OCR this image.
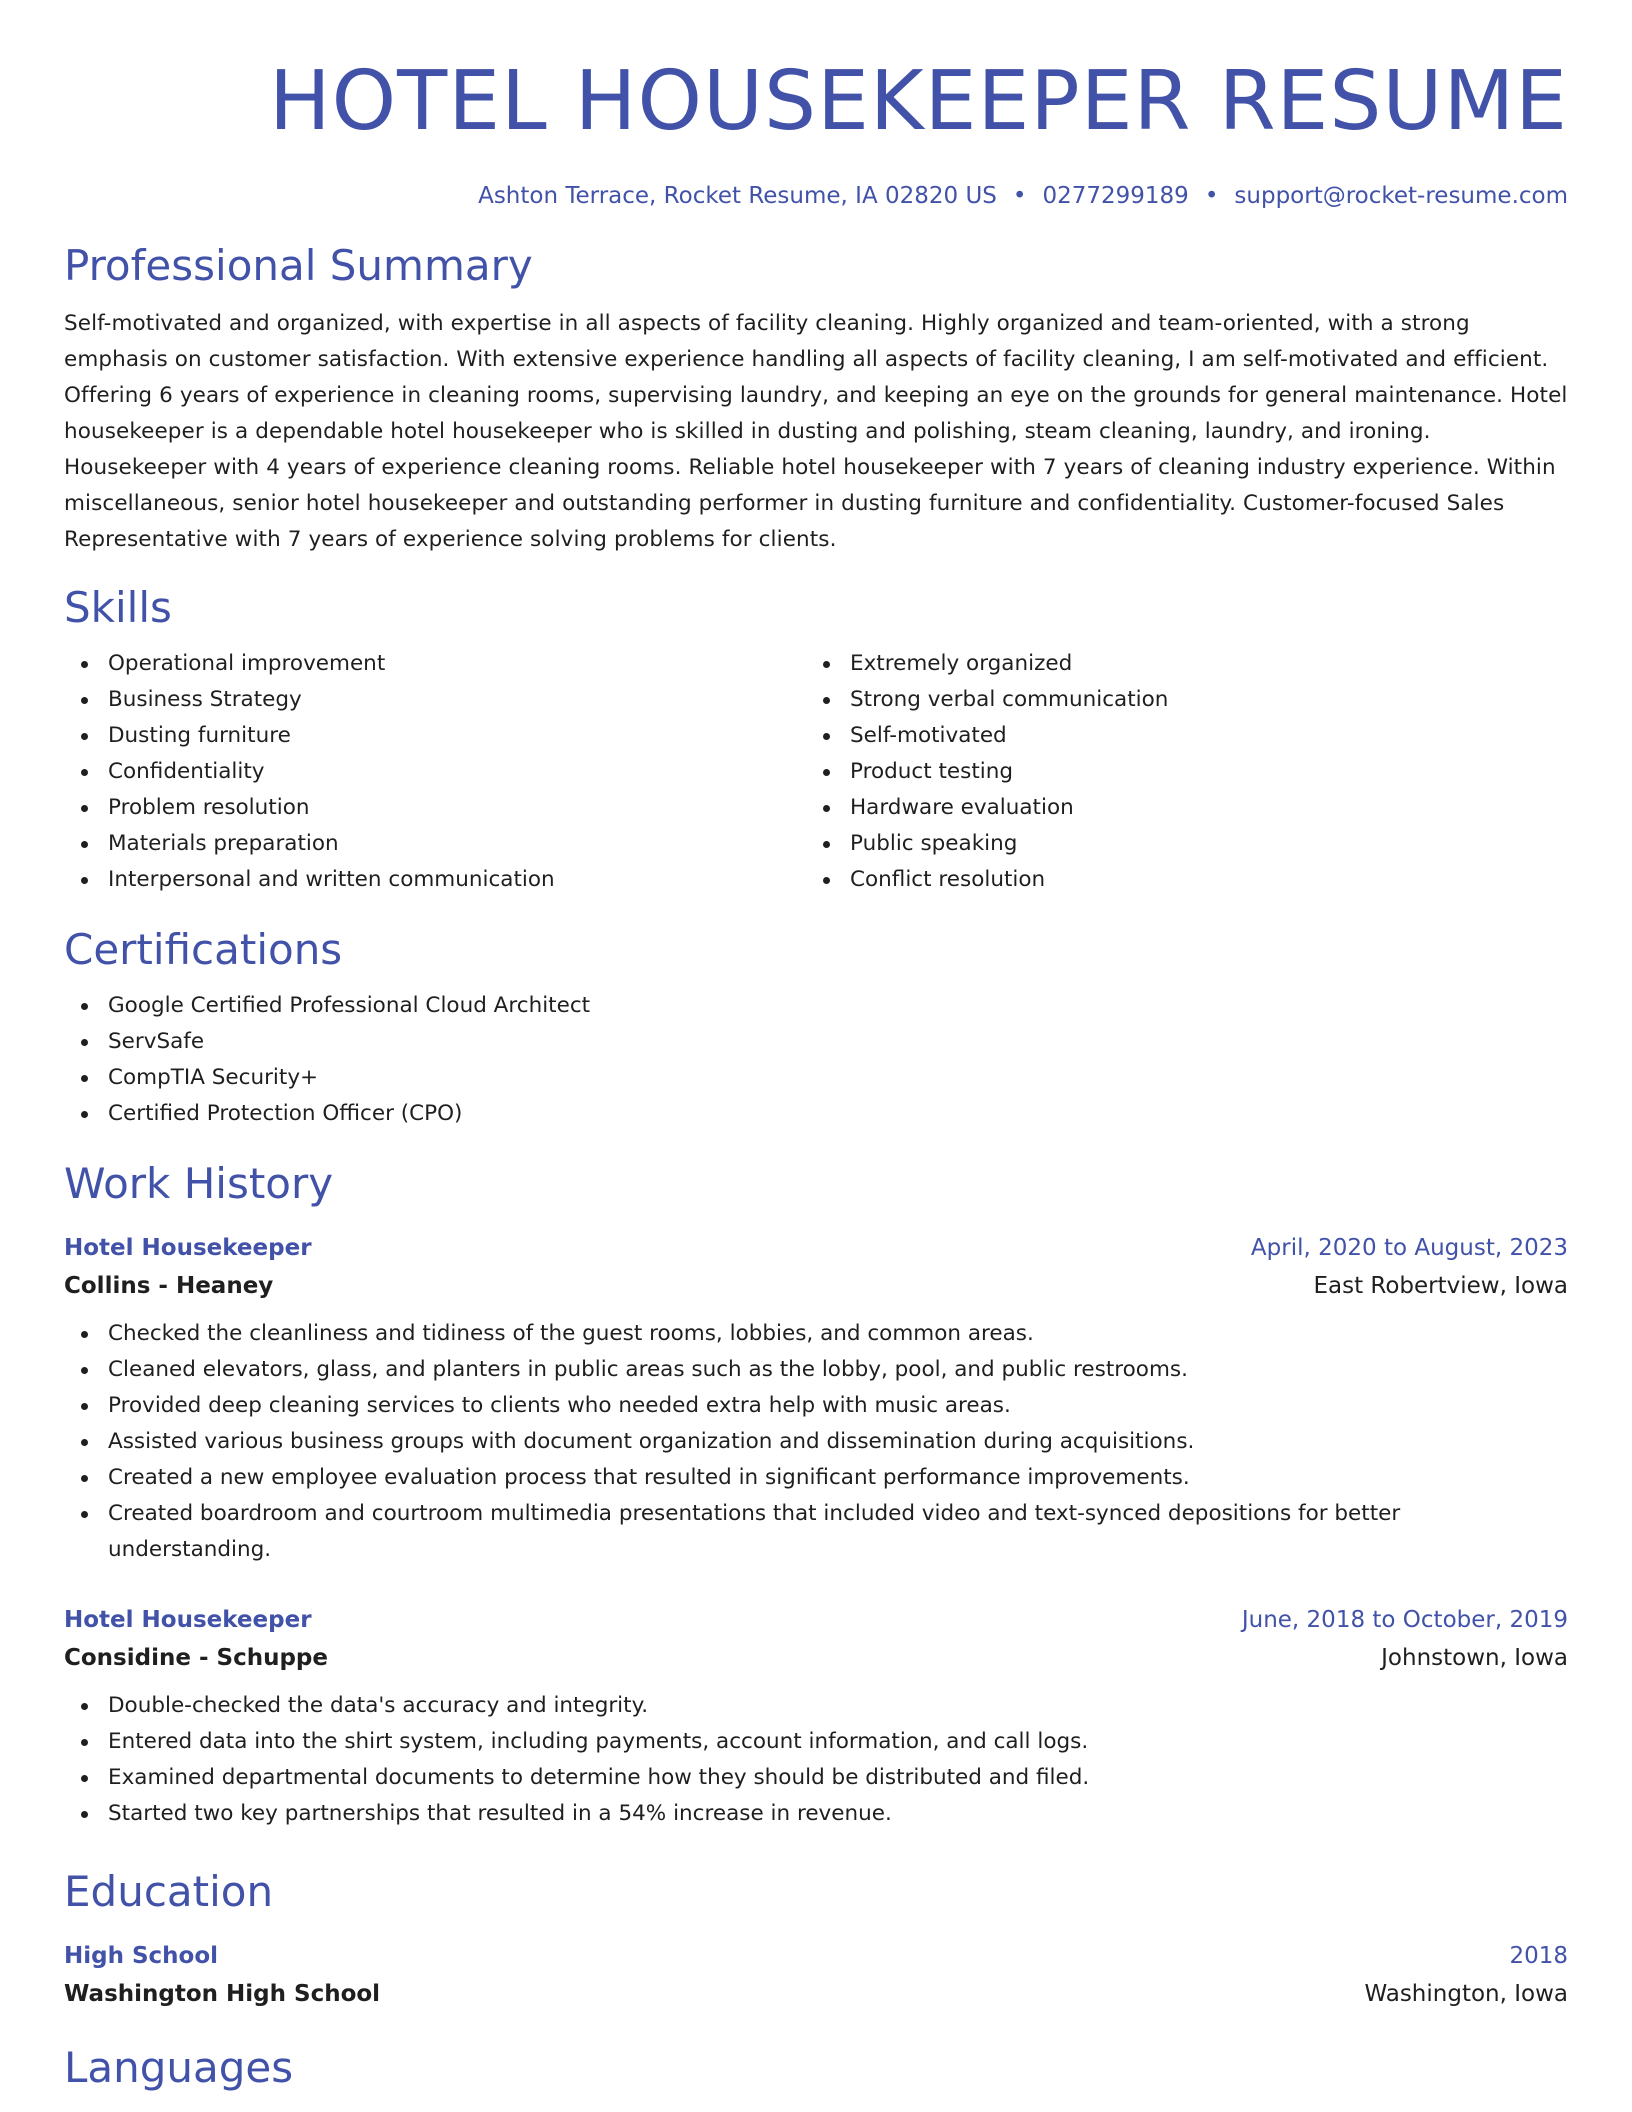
HOTEL HOUSEKEEPER RESUME
Ashton Terrace, Rocket Resume, IA 02820 US • 0277299189 • support@rocket-resume.com
Professional Summary
Self-motivated and organized, with expertise in all aspects of facility cleaning. Highly organized and team-oriented, with a strong emphasis on customer satisfaction. With extensive experience handling all aspects of facility cleaning, I am self-motivated and efficient. Offering 6 years of experience in cleaning rooms, supervising laundry, and keeping an eye on the grounds for general maintenance. Hotel housekeeper is a dependable hotel housekeeper who is skilled in dusting and polishing, steam cleaning, laundry, and ironing. Housekeeper with 4 years of experience cleaning rooms. Reliable hotel housekeeper with 7 years of cleaning industry experience. Within miscellaneous, senior hotel housekeeper and outstanding performer in dusting furniture and confidentiality. Customer-focused Sales Representative with 7 years of experience solving problems for clients.
Skills
Operational improvement
Business Strategy
Dusting furniture
Confidentiality
Problem resolution
Materials preparation
Interpersonal and written communication
Extremely organized
Strong verbal communication
Self-motivated
Product testing
Hardware evaluation
Public speaking
Conflict resolution
Certifications
Google Certified Professional Cloud Architect
ServSafe
CompTIA Security+
Certified Protection Officer (CPO)
Work History
Hotel Housekeeper	April, 2020 to August, 2023
Collins - Heaney	East Robertview, Iowa
Checked the cleanliness and tidiness of the guest rooms, lobbies, and common areas.
Cleaned elevators, glass, and planters in public areas such as the lobby, pool, and public restrooms.
Provided deep cleaning services to clients who needed extra help with music areas.
Assisted various business groups with document organization and dissemination during acquisitions.
Created a new employee evaluation process that resulted in significant performance improvements.
Created boardroom and courtroom multimedia presentations that included video and text-synced depositions for better understanding.
Hotel Housekeeper	June, 2018 to October, 2019
Considine - Schuppe	Johnstown, Iowa
Double-checked the data's accuracy and integrity.
Entered data into the shirt system, including payments, account information, and call logs.
Examined departmental documents to determine how they should be distributed and filed.
Started two key partnerships that resulted in a 54% increase in revenue.
Education
High School	2018
Washington High School	Washington, Iowa
Languages
